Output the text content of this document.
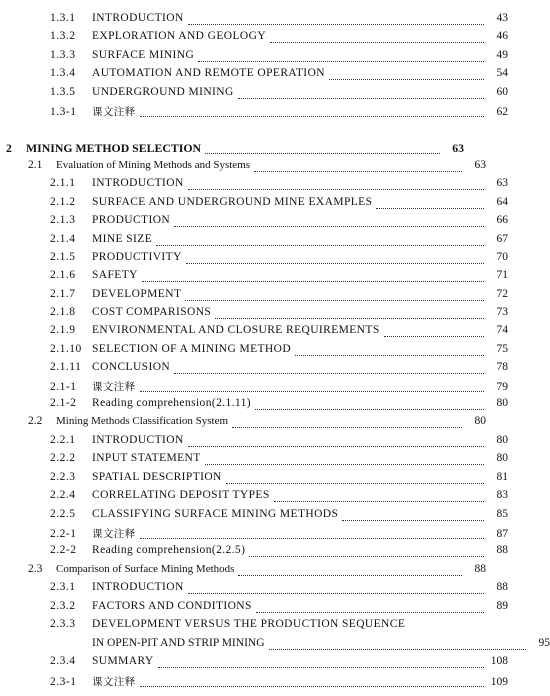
1.3.1	INTRODUCTION	43
1.3.2	EXPLORATION AND GEOLOGY	46
1.3.3	SURFACE MINING	49
1.3.4	AUTOMATION AND REMOTE OPERATION	54
1.3.5	UNDERGROUND MINING	60
1.3-1	课文注释	62
2	MINING METHOD SELECTION	63
2.1	Evaluation of Mining Methods and Systems	63
2.1.1	INTRODUCTION	63
2.1.2	SURFACE AND UNDERGROUND MINE EXAMPLES	64
2.1.3	PRODUCTION	66
2.1.4	MINE SIZE	67
2.1.5	PRODUCTIVITY	70
2.1.6	SAFETY	71
2.1.7	DEVELOPMENT	72
2.1.8	COST COMPARISONS	73
2.1.9	ENVIRONMENTAL AND CLOSURE REQUIREMENTS	74
2.1.10 SELECTION OF A MINING METHOD	75
2.1.11 CONCLUSION	78
2.1-1	课文注释	79
2.1-2	Reading comprehension(2.1.11)	80
2.2	Mining Methods Classification System	80
2.2.1	INTRODUCTION	80
2.2.2	INPUT STATEMENT	80
2.2.3	SPATIAL DESCRIPTION	81
2.2.4	CORRELATING DEPOSIT TYPES	83
2.2.5	CLASSIFYING SURFACE MINING METHODS	85
2.2-1	课文注释	87
2.2-2	Reading comprehension(2.2.5)	88
2.3	Comparison of Surface Mining Methods	88
2.3.1	INTRODUCTION	88
2.3.2	FACTORS AND CONDITIONS	89
2.3.3	DEVELOPMENT VERSUS THE PRODUCTION SEQUENCE
IN OPEN-PIT AND STRIP MINING	95
2.3.4	SUMMARY	108
2.3-1	课文注释	109
